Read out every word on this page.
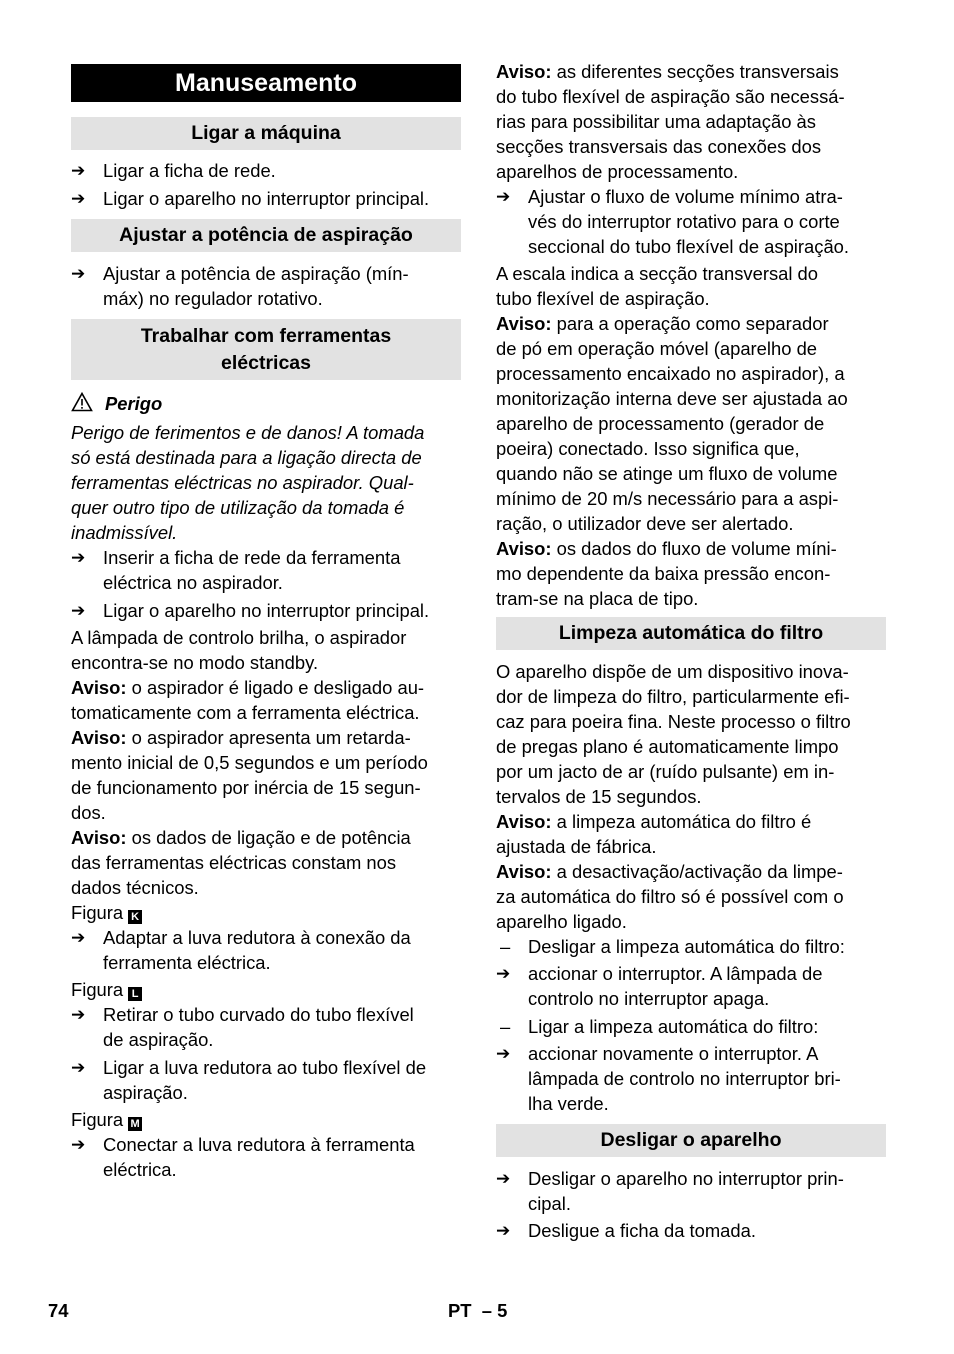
Manuseamento
Ligar a máquina
➔ Ligar a ficha de rede.
➔ Ligar o aparelho no interruptor principal.
Ajustar a potência de aspiração
➔ Ajustar a potência de aspiração (mín-
máx) no regulador rotativo.
Trabalhar com ferramentas
eléctricas
Perigo
Perigo de ferimentos e de danos! A tomada
só está destinada para a ligação directa de
ferramentas eléctricas no aspirador. Qual-
quer outro tipo de utilização da tomada é
inadmissível.
➔ Inserir a ficha de rede da ferramenta
eléctrica no aspirador.
➔ Ligar o aparelho no interruptor principal.
A lâmpada de controlo brilha, o aspirador
encontra-se no modo standby.
Aviso: o aspirador é ligado e desligado au-
tomaticamente com a ferramenta eléctrica.
Aviso: o aspirador apresenta um retarda-
mento inicial de 0,5 segundos e um período
de funcionamento por inércia de 15 segun-
dos.
Aviso: os dados de ligação e de potência
das ferramentas eléctricas constam nos
dados técnicos.
Figura K
➔ Adaptar a luva redutora à conexão da
ferramenta eléctrica.
Figura L
➔ Retirar o tubo curvado do tubo flexível
de aspiração.
➔ Ligar a luva redutora ao tubo flexível de
aspiração.
Figura M
➔ Conectar a luva redutora à ferramenta
eléctrica.
Aviso: as diferentes secções transversais
do tubo flexível de aspiração são necessá-
rias para possibilitar uma adaptação às
secções transversais das conexões dos
aparelhos de processamento.
➔ Ajustar o fluxo de volume mínimo atra-
vés do interruptor rotativo para o corte
seccional do tubo flexível de aspiração.
A escala indica a secção transversal do
tubo flexível de aspiração.
Aviso: para a operação como separador
de pó em operação móvel (aparelho de
processamento encaixado no aspirador), a
monitorização interna deve ser ajustada ao
aparelho de processamento (gerador de
poeira) conectado. Isso significa que,
quando não se atinge um fluxo de volume
mínimo de 20 m/s necessário para a aspi-
ração, o utilizador deve ser alertado.
Aviso: os dados do fluxo de volume míni-
mo dependente da baixa pressão encon-
tram-se na placa de tipo.
Limpeza automática do filtro
O aparelho dispõe de um dispositivo inova-
dor de limpeza do filtro, particularmente efi-
caz para poeira fina. Neste processo o filtro
de pregas plano é automaticamente limpo
por um jacto de ar (ruído pulsante) em in-
tervalos de 15 segundos.
Aviso: a limpeza automática do filtro é
ajustada de fábrica.
Aviso: a desactivação/activação da limpe-
za automática do filtro só é possível com o
aparelho ligado.
– Desligar a limpeza automática do filtro:
➔ accionar o interruptor. A lâmpada de
controlo no interruptor apaga.
– Ligar a limpeza automática do filtro:
➔ accionar novamente o interruptor. A
lâmpada de controlo no interruptor bri-
lha verde.
Desligar o aparelho
➔ Desligar o aparelho no interruptor prin-
cipal.
➔ Desligue a ficha da tomada.
74	PT – 5
